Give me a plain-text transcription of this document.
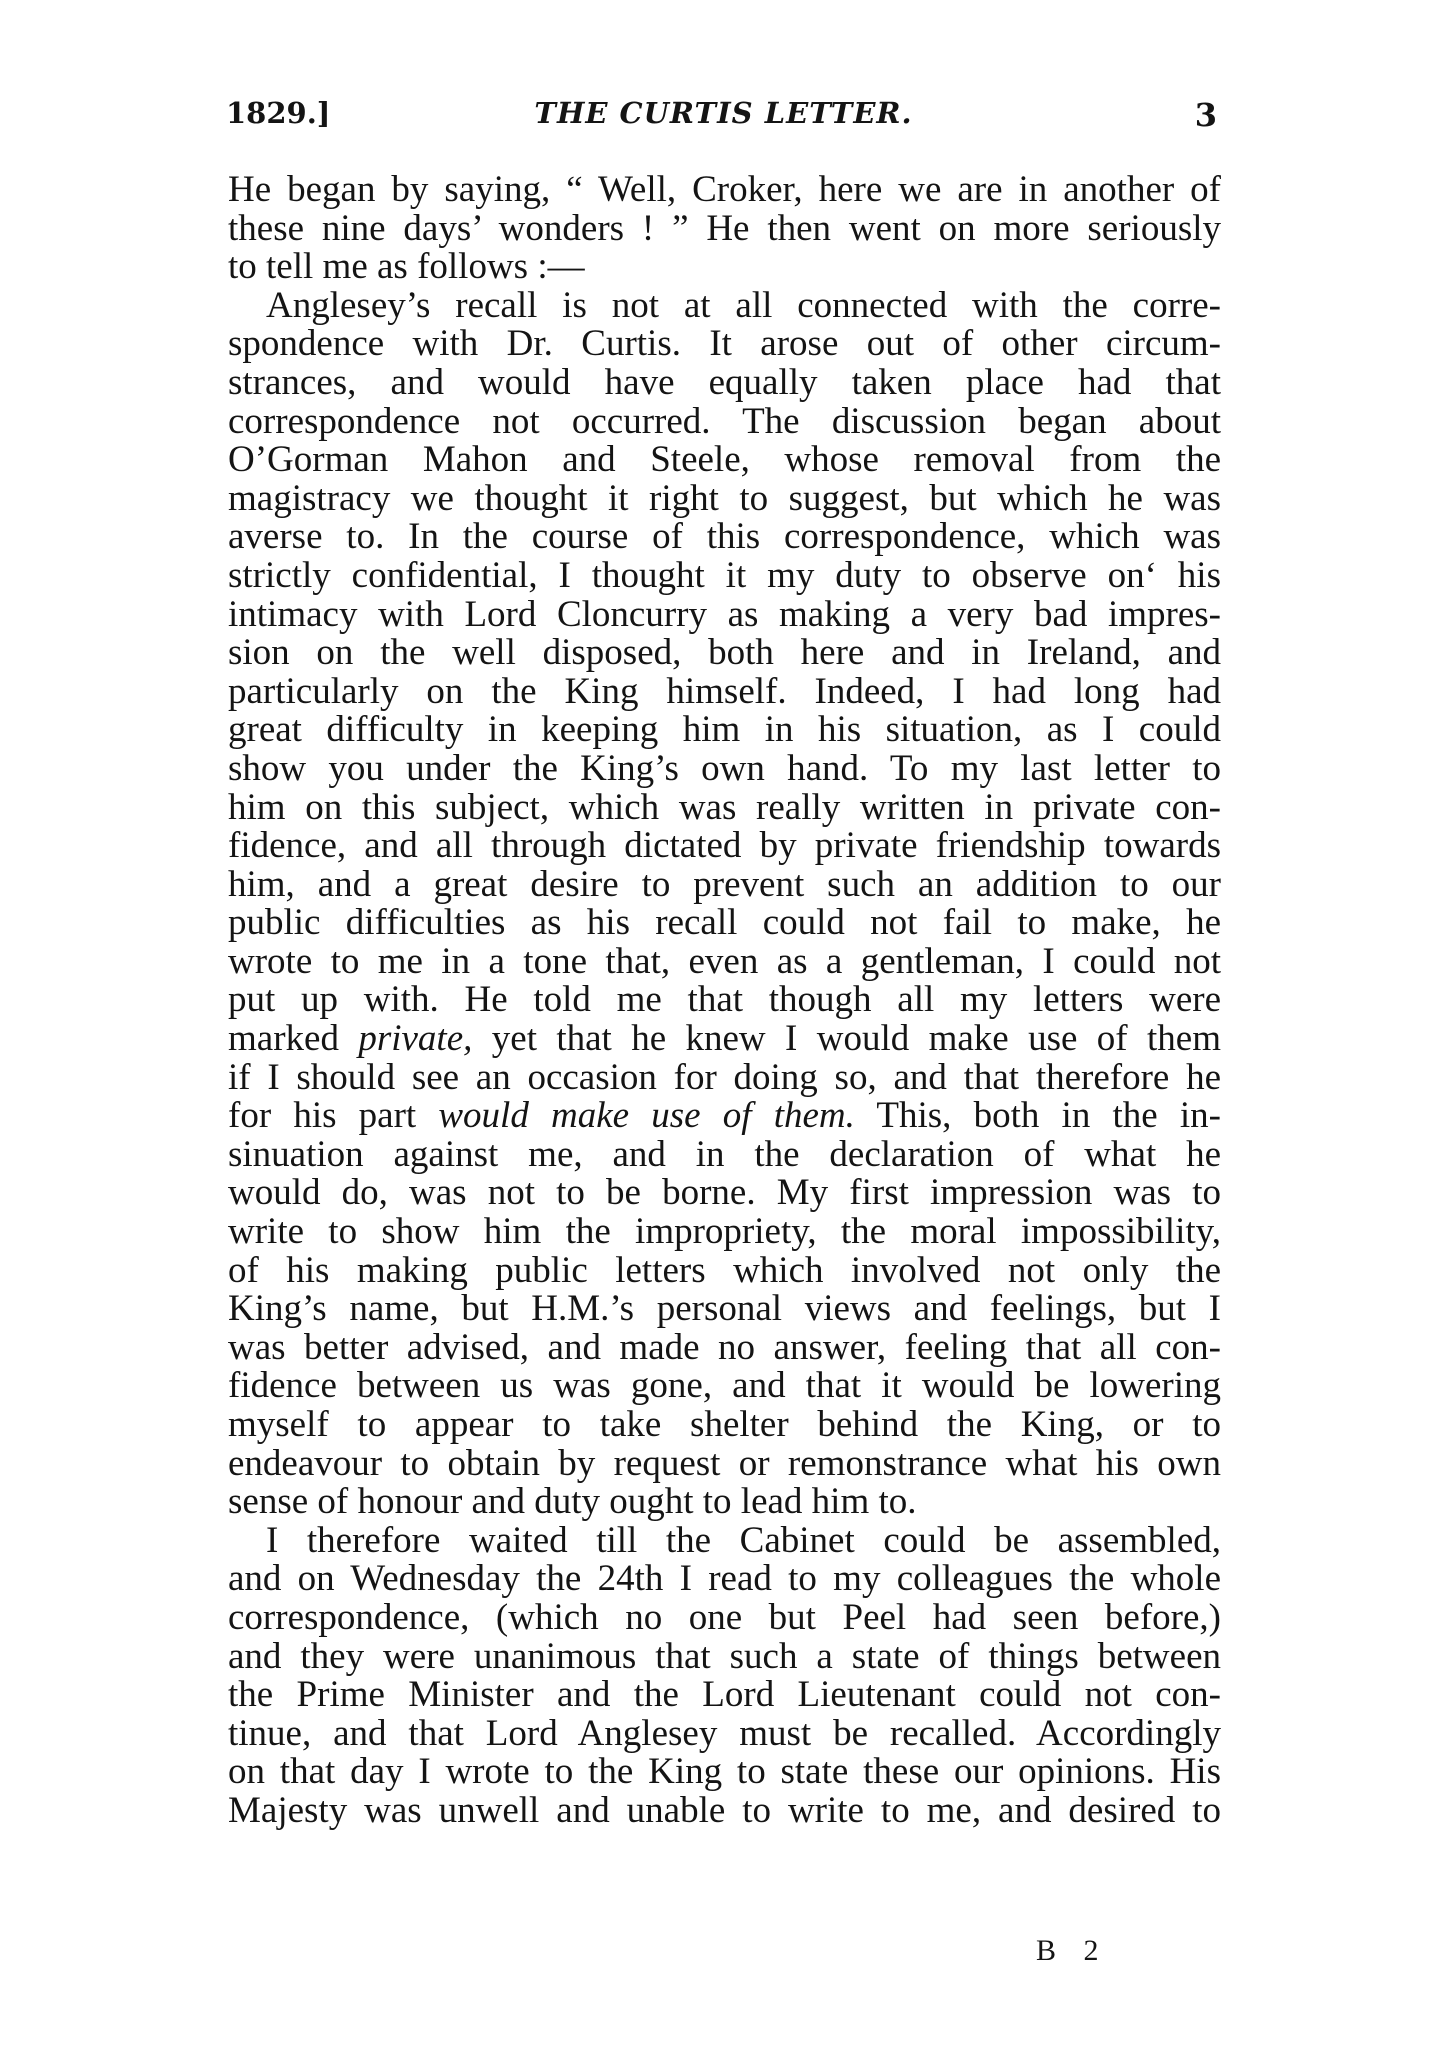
1829.]	THE CURTIS LETTER.	3
He began by saying, “ Well, Croker, here we are in another of
these nine days’ wonders ! ” He then went on more seriously
to tell me as follows :—
Anglesey’s recall is not at all connected with the corre-
spondence with Dr. Curtis. It arose out of other circum-
strances, and would have equally taken place had that
correspondence not occurred. The discussion began about
O’Gorman Mahon and Steele, whose removal from the
magistracy we thought it right to suggest, but which he was
averse to. In the course of this correspondence, which was
strictly confidential, I thought it my duty to observe on‘ his
intimacy with Lord Cloncurry as making a very bad impres-
sion on the well disposed, both here and in Ireland, and
particularly on the King himself. Indeed, I had long had
great difficulty in keeping him in his situation, as I could
show you under the King’s own hand. To my last letter to
him on this subject, which was really written in private con-
fidence, and all through dictated by private friendship towards
him, and a great desire to prevent such an addition to our
public difficulties as his recall could not fail to make, he
wrote to me in a tone that, even as a gentleman, I could not
put up with. He told me that though all my letters were
marked private, yet that he knew I would make use of them
if I should see an occasion for doing so, and that therefore he
for his part would make use of them. This, both in the in-
sinuation against me, and in the declaration of what he
would do, was not to be borne. My first impression was to
write to show him the impropriety, the moral impossibility,
of his making public letters which involved not only the
King’s name, but H.M.’s personal views and feelings, but I
was better advised, and made no answer, feeling that all con-
fidence between us was gone, and that it would be lowering
myself to appear to take shelter behind the King, or to
endeavour to obtain by request or remonstrance what his own
sense of honour and duty ought to lead him to.
I therefore waited till the Cabinet could be assembled,
and on Wednesday the 24th I read to my colleagues the whole
correspondence, (which no one but Peel had seen before,)
and they were unanimous that such a state of things between
the Prime Minister and the Lord Lieutenant could not con-
tinue, and that Lord Anglesey must be recalled. Accordingly
on that day I wrote to the King to state these our opinions. His
Majesty was unwell and unable to write to me, and desired to
B 2
